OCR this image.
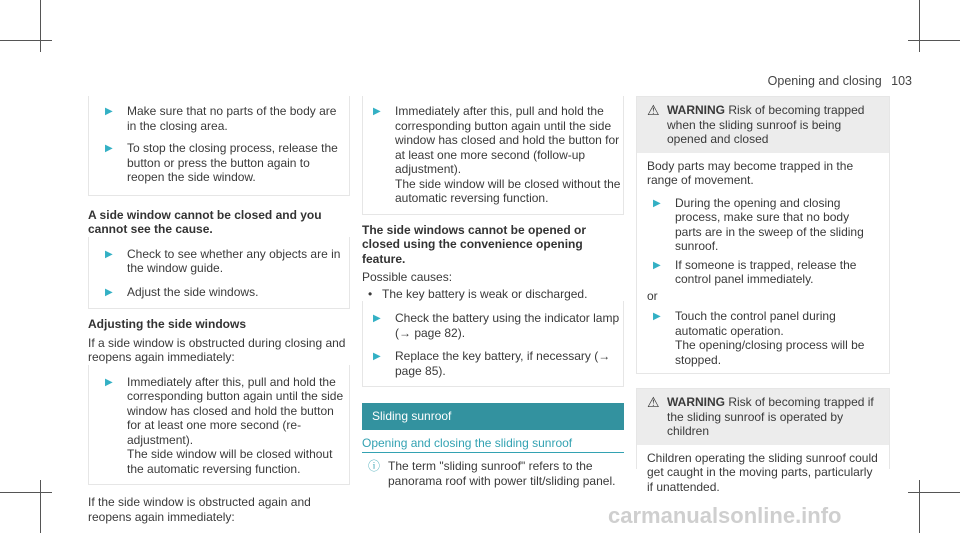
Opening and closing 103
▶	Make sure that no parts of the body are in the closing area.
▶	To stop the closing process, release the button or press the button again to reopen the side window.
A side window cannot be closed and you cannot see the cause.
▶	Check to see whether any objects are in the window guide.
▶	Adjust the side windows.
Adjusting the side windows

If a side window is obstructed during closing and reopens again immediately:

▶	Immediately after this, pull and hold the corresponding button again until the side window has closed and hold the button for at least one more second (re-adjustment).
The side window will be closed without the automatic reversing function.

If the side window is obstructed again and reopens again immediately:

▶	Immediately after this, pull and hold the corresponding button again until the side window has closed and hold the button for at least one more second (follow-up adjustment).
The side window will be closed without the automatic reversing function.
The side windows cannot be opened or closed using the convenience opening feature.

Possible causes:

• The key battery is weak or discharged.
▶	Check the battery using the indicator lamp (→ page 82).
▶	Replace the key battery, if necessary (→ page 85).
Sliding sunroof
Opening and closing the sliding sunroof
ⓘ The term "sliding sunroof" refers to the panorama roof with power tilt/sliding panel.
⚠ WARNING Risk of becoming trapped when the sliding sunroof is being opened and closed

Body parts may become trapped in the range of movement.

▶	During the opening and closing process, make sure that no body parts are in the sweep of the sliding sunroof.
▶	If someone is trapped, release the control panel immediately.

or

▶	Touch the control panel during automatic operation.
The opening/closing process will be stopped.
⚠ WARNING Risk of becoming trapped if the sliding sunroof is operated by children

Children operating the sliding sunroof could get caught in the moving parts, particularly if unattended.

carmanualsonline.info
